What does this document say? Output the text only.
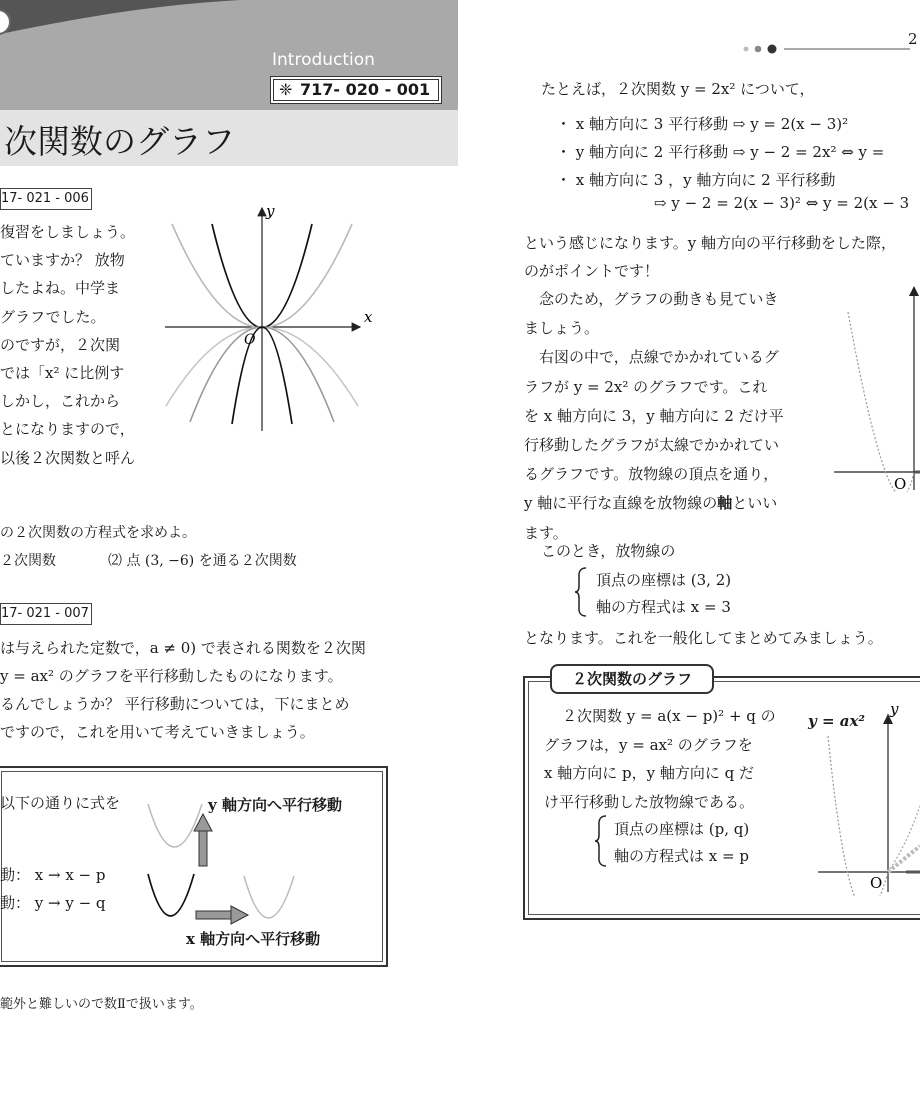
Introduction
❈ 717- 020 - 001
次関数のグラフ
17- 021 - 006
復習をしましょう。
ていますか？ 放物
したよね。中学ま
グラフでした。
のですが，２次関
では「x² に比例す
しかし，これから
とになりますので，
以後２次関数と呼ん
x
y
O
の２次関数の方程式を求めよ。
２次関数	⑵ 点 (3, −6) を通る２次関数
17- 021 - 007
は与えられた定数で，a ≠ 0) で表される関数を２次関
y = ax² のグラフを平行移動したものになります。
るんでしょうか？ 平行移動については，下にまとめ
ですので，これを用いて考えていきましょう。
以下の通りに式を
動： x → x − p
動： y → y − q
y 軸方向へ平行移動
x 軸方向へ平行移動
範外と難しいので数Ⅱで扱います。
2
たとえば，２次関数 y = 2x² について，
・ x 軸方向に 3 平行移動 ⇨ y = 2(x − 3)²
・ y 軸方向に 2 平行移動 ⇨ y − 2 = 2x² ⇔ y =
・ x 軸方向に 3 ，y 軸方向に 2 平行移動
⇨ y − 2 = 2(x − 3)² ⇔ y = 2(x − 3
という感じになります。y 軸方向の平行移動をした際，
のがポイントです！
念のため，グラフの動きも見ていき
ましょう。
右図の中で，点線でかかれているグ
ラフが y = 2x² のグラフです。これ
を x 軸方向に 3，y 軸方向に 2 だけ平
行移動したグラフが太線でかかれてい
るグラフです。放物線の頂点を通り，
y 軸に平行な直線を放物線の軸といい
ます。
このとき，放物線の
頂点の座標は (3, 2)
軸の方程式は x = 3
となります。これを一般化してまとめてみましょう。
O
２次関数のグラフ
２次関数 y = a(x − p)² + q の
グラフは，y = ax² のグラフを
x 軸方向に p，y 軸方向に q だ
け平行移動した放物線である。
頂点の座標は (p, q)
軸の方程式は x = p
y = ax²
y
O
